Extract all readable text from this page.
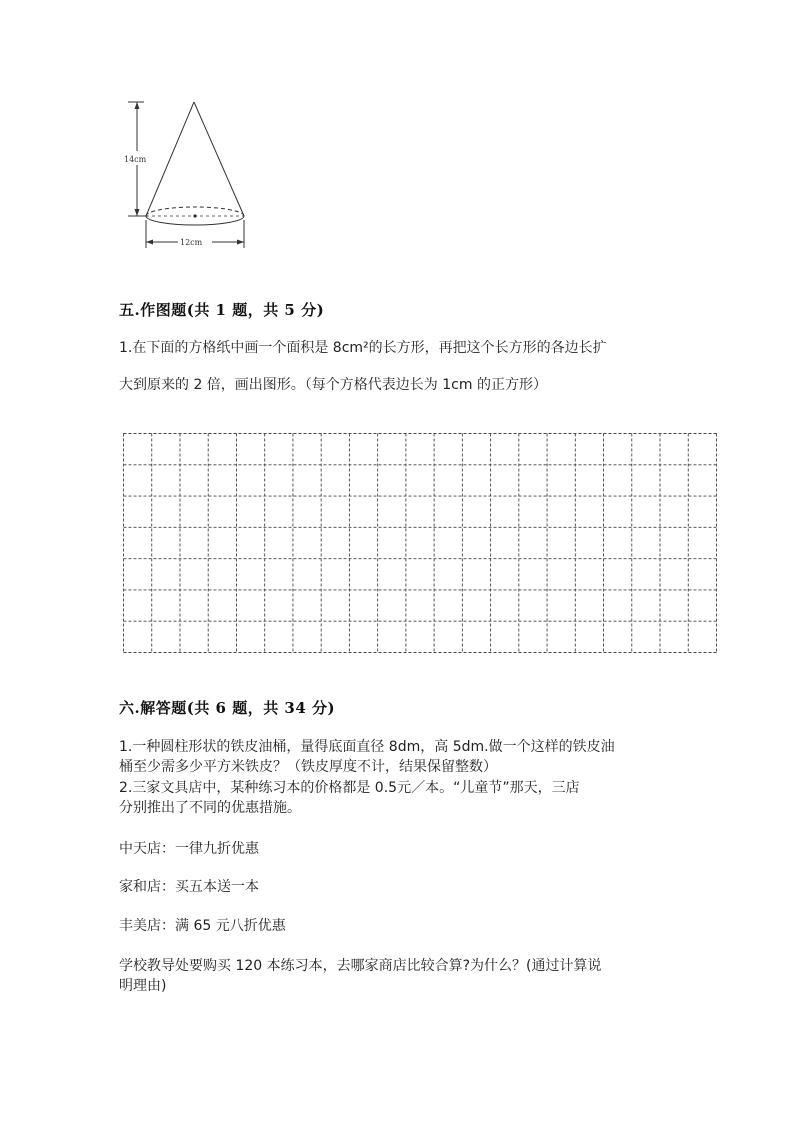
14cm
12cm
五.作图题(共 1 题，共 5 分)
1.在下面的方格纸中画一个面积是 8cm²的长方形，再把这个长方形的各边长扩
大到原来的 2 倍，画出图形。（每个方格代表边长为 1cm 的正方形）
六.解答题(共 6 题，共 34 分)
1.一种圆柱形状的铁皮油桶，量得底面直径 8dm，高 5dm.做一个这样的铁皮油
桶至少需多少平方米铁皮？（铁皮厚度不计，结果保留整数）
2.三家文具店中，某种练习本的价格都是 0.5元／本。“儿童节”那天，三店
分别推出了不同的优惠措施。
中天店：一律九折优惠
家和店：买五本送一本
丰美店：满 65 元八折优惠
学校教导处要购买 120 本练习本，去哪家商店比较合算?为什么？(通过计算说
明理由)
